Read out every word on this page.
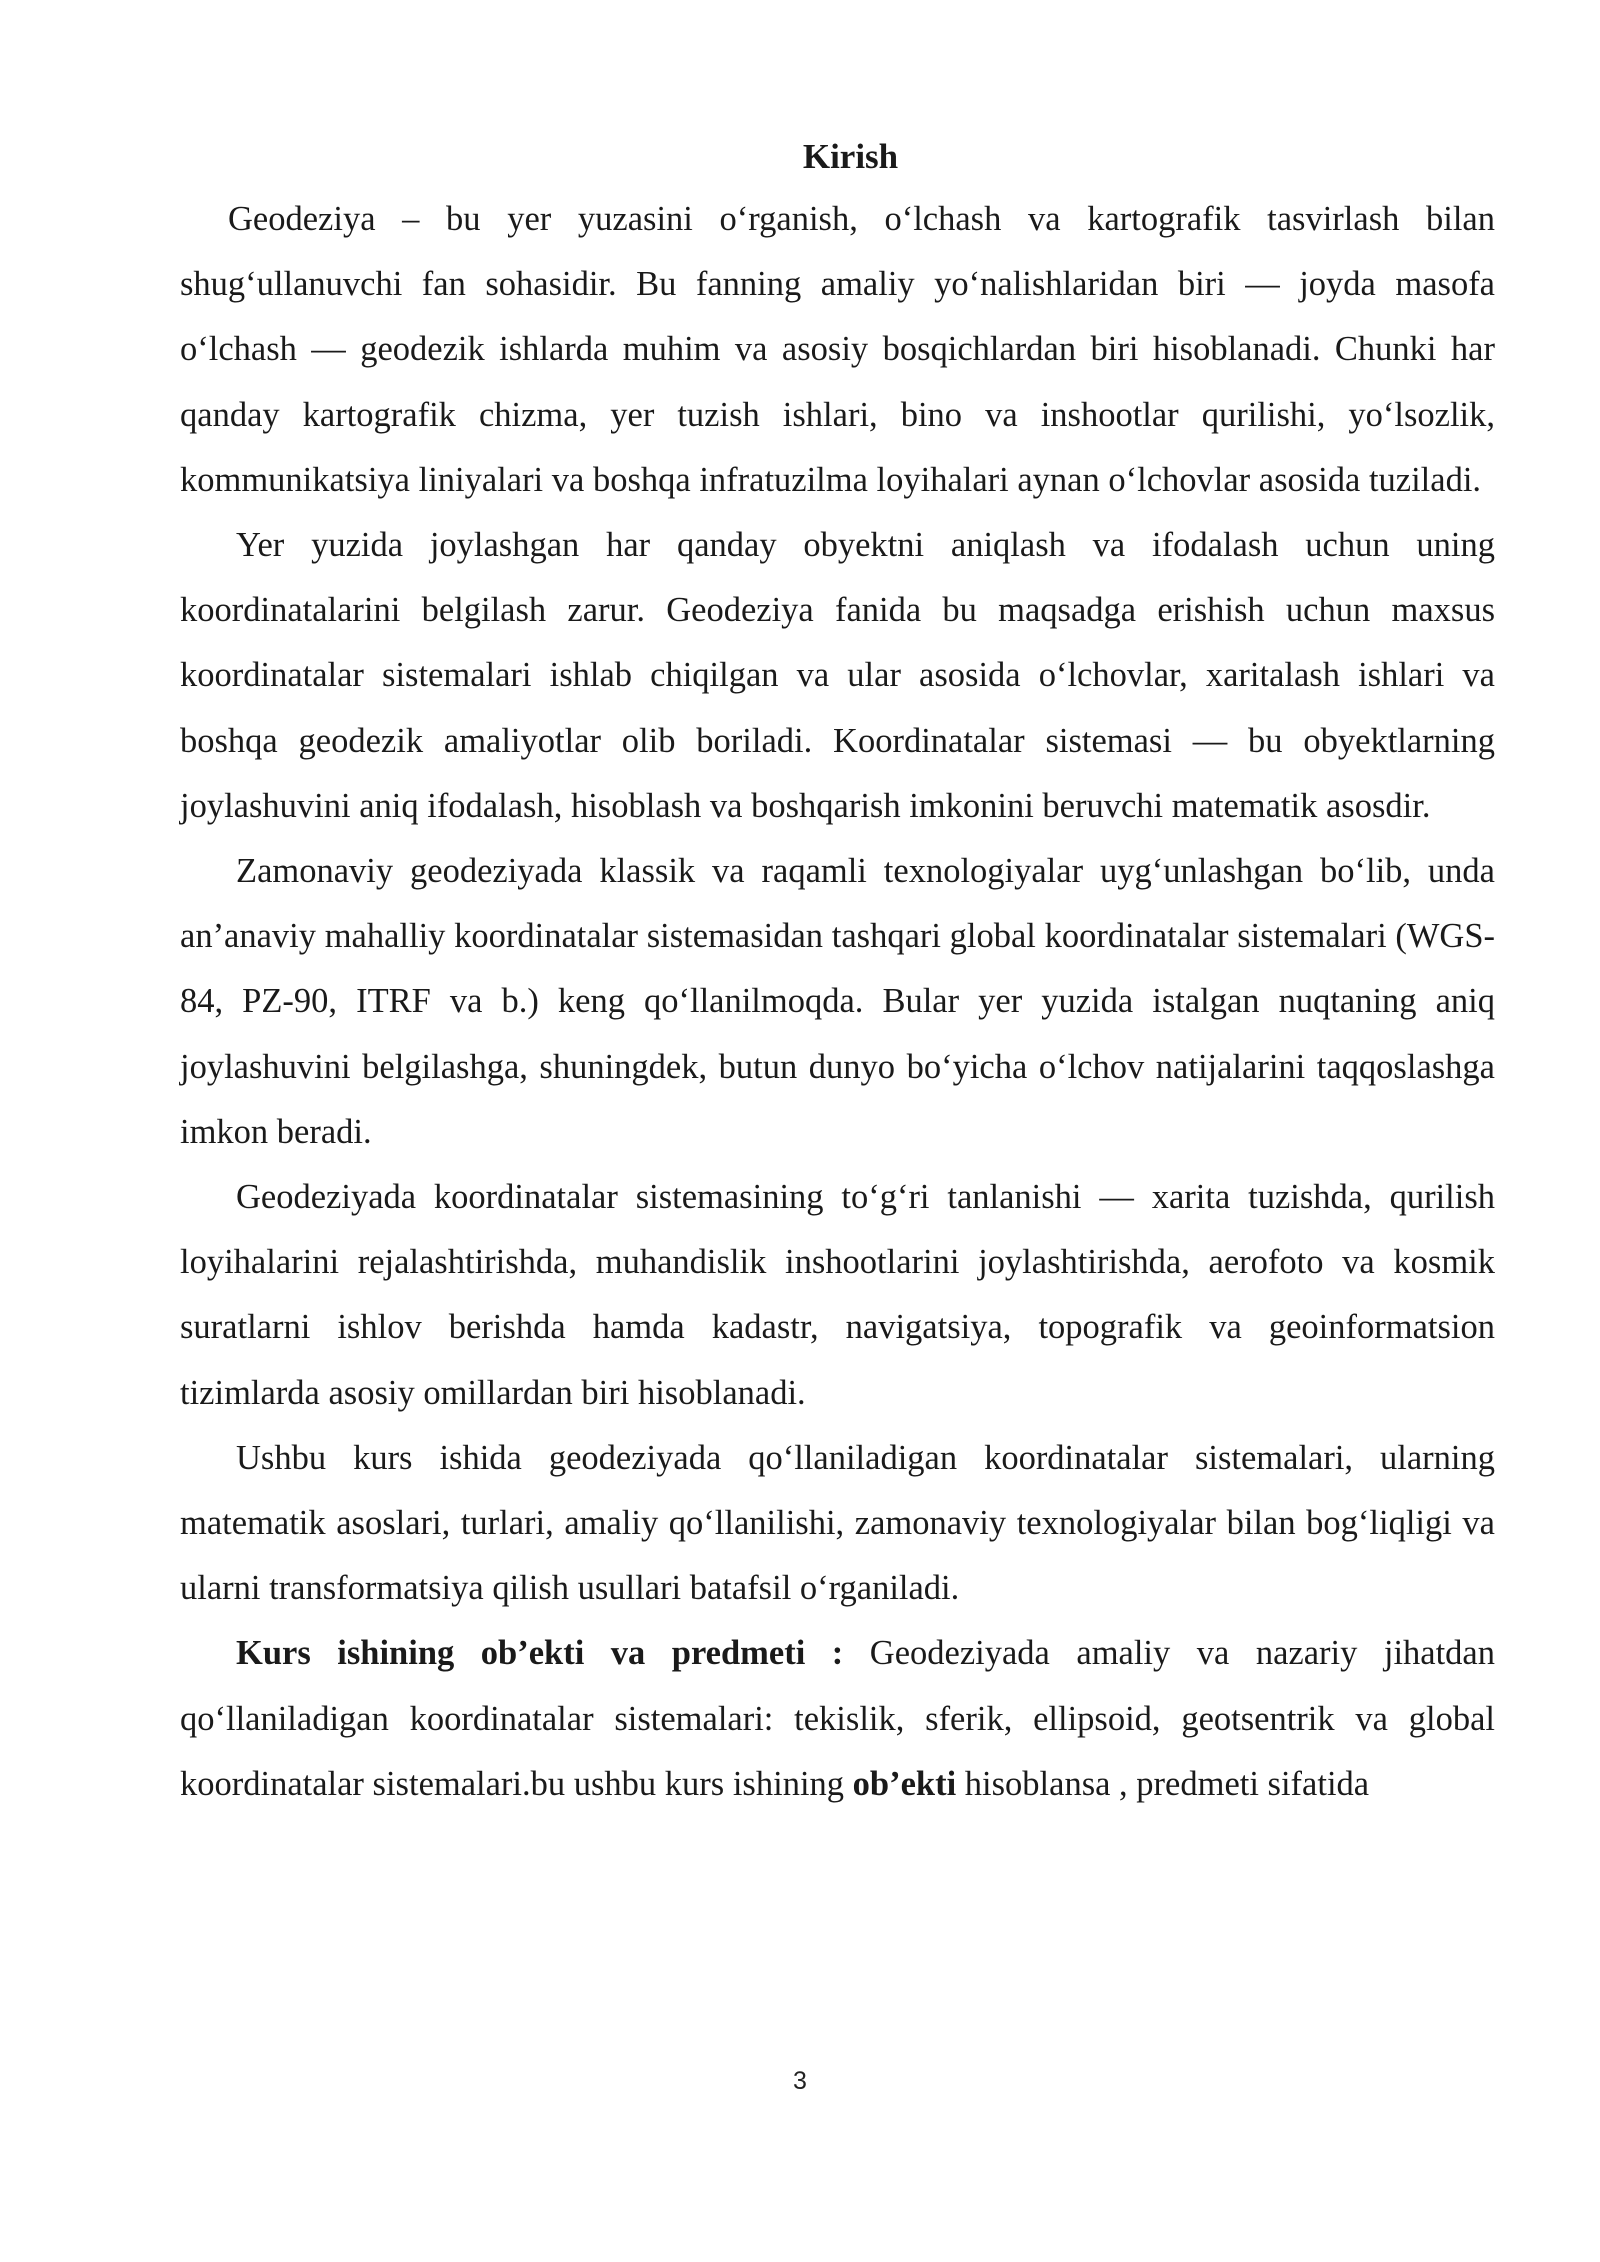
Kirish

Geodeziya – bu yer yuzasini oʻrganish, oʻlchash va kartografik tasvirlash bilan shugʻullanuvchi fan sohasidir. Bu fanning amaliy yoʻnalishlaridan biri — joyda masofa oʻlchash — geodezik ishlarda muhim va asosiy bosqichlardan biri hisoblanadi. Chunki har qanday kartografik chizma, yer tuzish ishlari, bino va inshootlar qurilishi, yoʻlsozlik, kommunikatsiya liniyalari va boshqa infratuzilma loyihalari aynan oʻlchovlar asosida tuziladi.

Yer yuzida joylashgan har qanday obyektni aniqlash va ifodalash uchun uning koordinatalarini belgilash zarur. Geodeziya fanida bu maqsadga erishish uchun maxsus koordinatalar sistemalari ishlab chiqilgan va ular asosida oʻlchovlar, xaritalash ishlari va boshqa geodezik amaliyotlar olib boriladi. Koordinatalar sistemasi — bu obyektlarning joylashuvini aniq ifodalash, hisoblash va boshqarish imkonini beruvchi matematik asosdir.

Zamonaviy geodeziyada klassik va raqamli texnologiyalar uygʻunlashgan boʻlib, unda an’anaviy mahalliy koordinatalar sistemasidan tashqari global koordinatalar sistemalari (WGS-84, PZ-90, ITRF va b.) keng qoʻllanilmoqda. Bular yer yuzida istalgan nuqtaning aniq joylashuvini belgilashga, shuningdek, butun dunyo boʻyicha oʻlchov natijalarini taqqoslashga imkon beradi.

Geodeziyada koordinatalar sistemasining toʻgʻri tanlanishi — xarita tuzishda, qurilish loyihalarini rejalashtirishda, muhandislik inshootlarini joylashtirishda, aerofoto va kosmik suratlarni ishlov berishda hamda kadastr, navigatsiya, topografik va geoinformatsion tizimlarda asosiy omillardan biri hisoblanadi.

Ushbu kurs ishida geodeziyada qoʻllaniladigan koordinatalar sistemalari, ularning matematik asoslari, turlari, amaliy qoʻllanilishi, zamonaviy texnologiyalar bilan bogʻliqligi va ularni transformatsiya qilish usullari batafsil oʻrganiladi.

Kurs ishining ob’ekti va predmeti : Geodeziyada amaliy va nazariy jihatdan qoʻllaniladigan koordinatalar sistemalari: tekislik, sferik, ellipsoid, geotsentrik va global koordinatalar sistemalari.bu ushbu kurs ishining ob’ekti hisoblansa , predmeti sifatida

3
